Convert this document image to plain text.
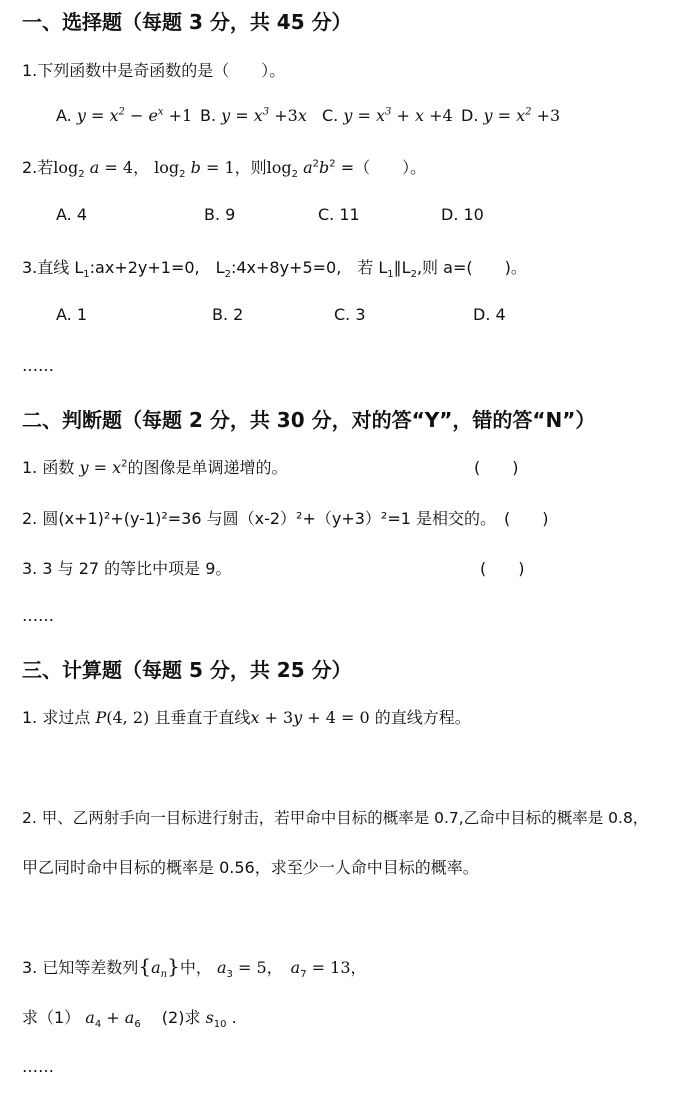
一、选择题（每题 3 分，共 45 分）
1.下列函数中是奇函数的是（　　）。
A. $y = x^2 - e^x +1$ B. $y = x^3 +3x$ C. $y = x^3 + x +4$ D. $y = x^2 +3$
2.若$\log_2 a = 4$， $\log_2 b = 1$，则$\log_2 a^2b^2$ =（　　）。
A. 4	B. 9	C. 11	D. 10
3.直线 $L_1:ax+2y+1=0$,　$L_2:4x+8y+5=0$,　若 $L_1\parallel L_2$,则 a=(　　)。
A. 1	B. 2	C. 3	D. 4
……
二、判断题（每题 2 分，共 30 分，对的答“Y”，错的答“N”）
1. 函数 $y = x^2$的图像是单调递增的。	(　　)
2. 圆(x+1)²+(y-1)²=36 与圆（x-2）²+（y+3）²=1 是相交的。 (　　)
3. 3 与 27 的等比中项是 9。	(　　)
……
三、计算题（每题 5 分，共 25 分）
1. 求过点 P(4, 2) 且垂直于直线x + 3y + 4 = 0 的直线方程。
2. 甲、乙两射手向一目标进行射击，若甲命中目标的概率是 0.7,乙命中目标的概率是 0.8，
甲乙同时命中目标的概率是 0.56，求至少一人命中目标的概率。
3. 已知等差数列$\{a_n\}$中， $a_3 = 5$，　$a_7 = 13$，
求（1） $a_4 + a_6$　 (2)求 $s_{10}$ .
……
